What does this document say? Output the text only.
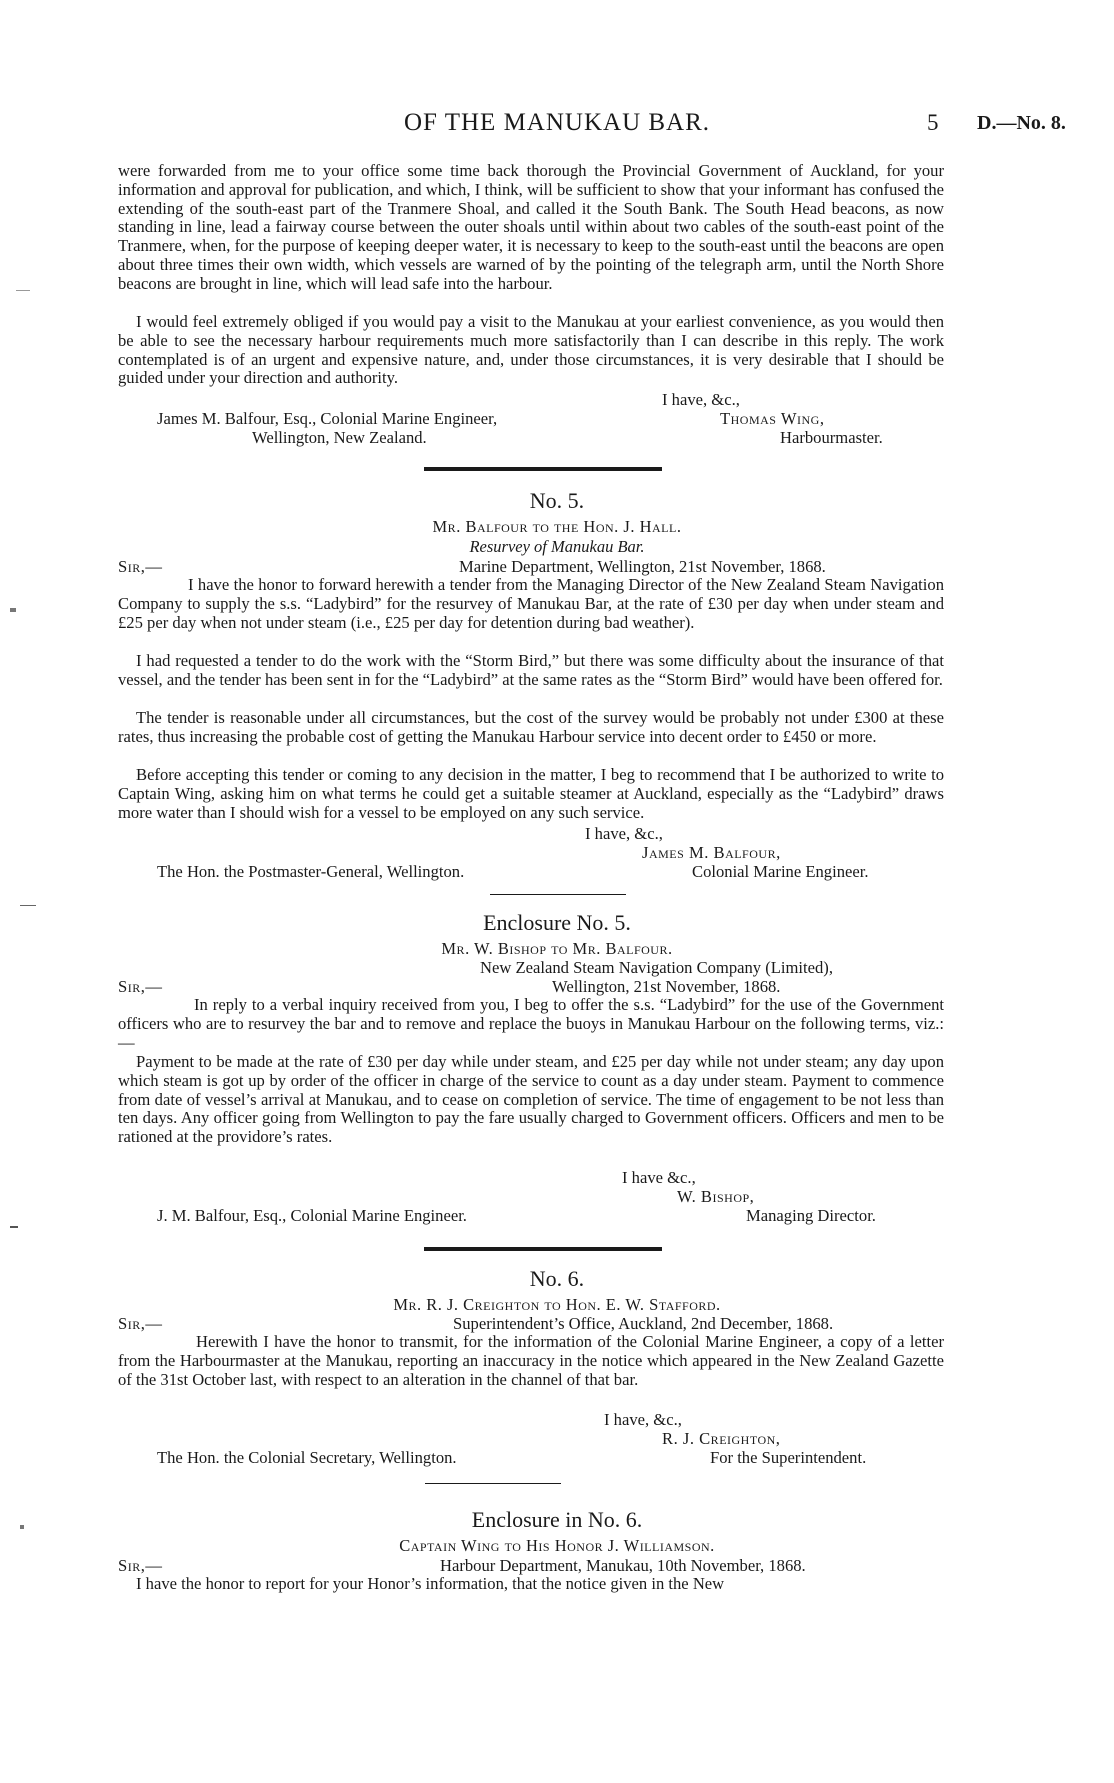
OF THE MANUKAU BAR.	5 D.—No. 8.

were forwarded from me to your office some time back thorough the Provincial Government of Auckland, for your information and approval for publication, and which, I think, will be sufficient to show that your informant has confused the extending of the south-east part of the Tranmere Shoal, and called it the South Bank. The South Head beacons, as now standing in line, lead a fairway course between the outer shoals until within about two cables of the south-east point of the Tranmere, when, for the purpose of keeping deeper water, it is necessary to keep to the south-east until the beacons are open about three times their own width, which vessels are warned of by the pointing of the telegraph arm, until the North Shore beacons are brought in line, which will lead safe into the harbour.

I would feel extremely obliged if you would pay a visit to the Manukau at your earliest convenience, as you would then be able to see the necessary harbour requirements much more satisfactorily than I can describe in this reply. The work contemplated is of an urgent and expensive nature, and, under those circumstances, it is very desirable that I should be guided under your direction and authority.

I have, &c.,
James M. Balfour, Esq., Colonial Marine Engineer,
Wellington, New Zealand.
Thomas Wing,
Harbourmaster.
No. 5.
Mr. Balfour to the Hon. J. Hall.
Resurvey of Manukau Bar.
Sir,—	Marine Department, Wellington, 21st November, 1868.

I have the honor to forward herewith a tender from the Managing Director of the New Zealand Steam Navigation Company to supply the s.s. “Ladybird” for the resurvey of Manukau Bar, at the rate of £30 per day when under steam and £25 per day when not under steam (i.e., £25 per day for detention during bad weather).

I had requested a tender to do the work with the “Storm Bird,” but there was some difficulty about the insurance of that vessel, and the tender has been sent in for the “Ladybird” at the same rates as the “Storm Bird” would have been offered for.

The tender is reasonable under all circumstances, but the cost of the survey would be probably not under £300 at these rates, thus increasing the probable cost of getting the Manukau Harbour service into decent order to £450 or more.

Before accepting this tender or coming to any decision in the matter, I beg to recommend that I be authorized to write to Captain Wing, asking him on what terms he could get a suitable steamer at Auckland, especially as the “Ladybird” draws more water than I should wish for a vessel to be employed on any such service.

I have, &c.,
James M. Balfour,
The Hon. the Postmaster-General, Wellington.	Colonial Marine Engineer.
Enclosure No. 5.
Mr. W. Bishop to Mr. Balfour.
New Zealand Steam Navigation Company (Limited),
Sir,—	Wellington, 21st November, 1868.

In reply to a verbal inquiry received from you, I beg to offer the s.s. “Ladybird” for the use of the Government officers who are to resurvey the bar and to remove and replace the buoys in Manukau Harbour on the following terms, viz.:—

Payment to be made at the rate of £30 per day while under steam, and £25 per day while not under steam; any day upon which steam is got up by order of the officer in charge of the service to count as a day under steam. Payment to commence from date of vessel’s arrival at Manukau, and to cease on completion of service. The time of engagement to be not less than ten days. Any officer going from Wellington to pay the fare usually charged to Government officers. Officers and men to be rationed at the providore’s rates.

I have &c.,
W. Bishop,
J. M. Balfour, Esq., Colonial Marine Engineer.	Managing Director.
No. 6.
Mr. R. J. Creighton to Hon. E. W. Stafford.
Sir,—	Superintendent’s Office, Auckland, 2nd December, 1868.

Herewith I have the honor to transmit, for the information of the Colonial Marine Engineer, a copy of a letter from the Harbourmaster at the Manukau, reporting an inaccuracy in the notice which appeared in the New Zealand Gazette of the 31st October last, with respect to an alteration in the channel of that bar.

I have, &c.,
R. J. Creighton,
The Hon. the Colonial Secretary, Wellington.	For the Superintendent.
Enclosure in No. 6.
Captain Wing to His Honor J. Williamson.
Sir,—	Harbour Department, Manukau, 10th November, 1868.

I have the honor to report for your Honor’s information, that the notice given in the New
